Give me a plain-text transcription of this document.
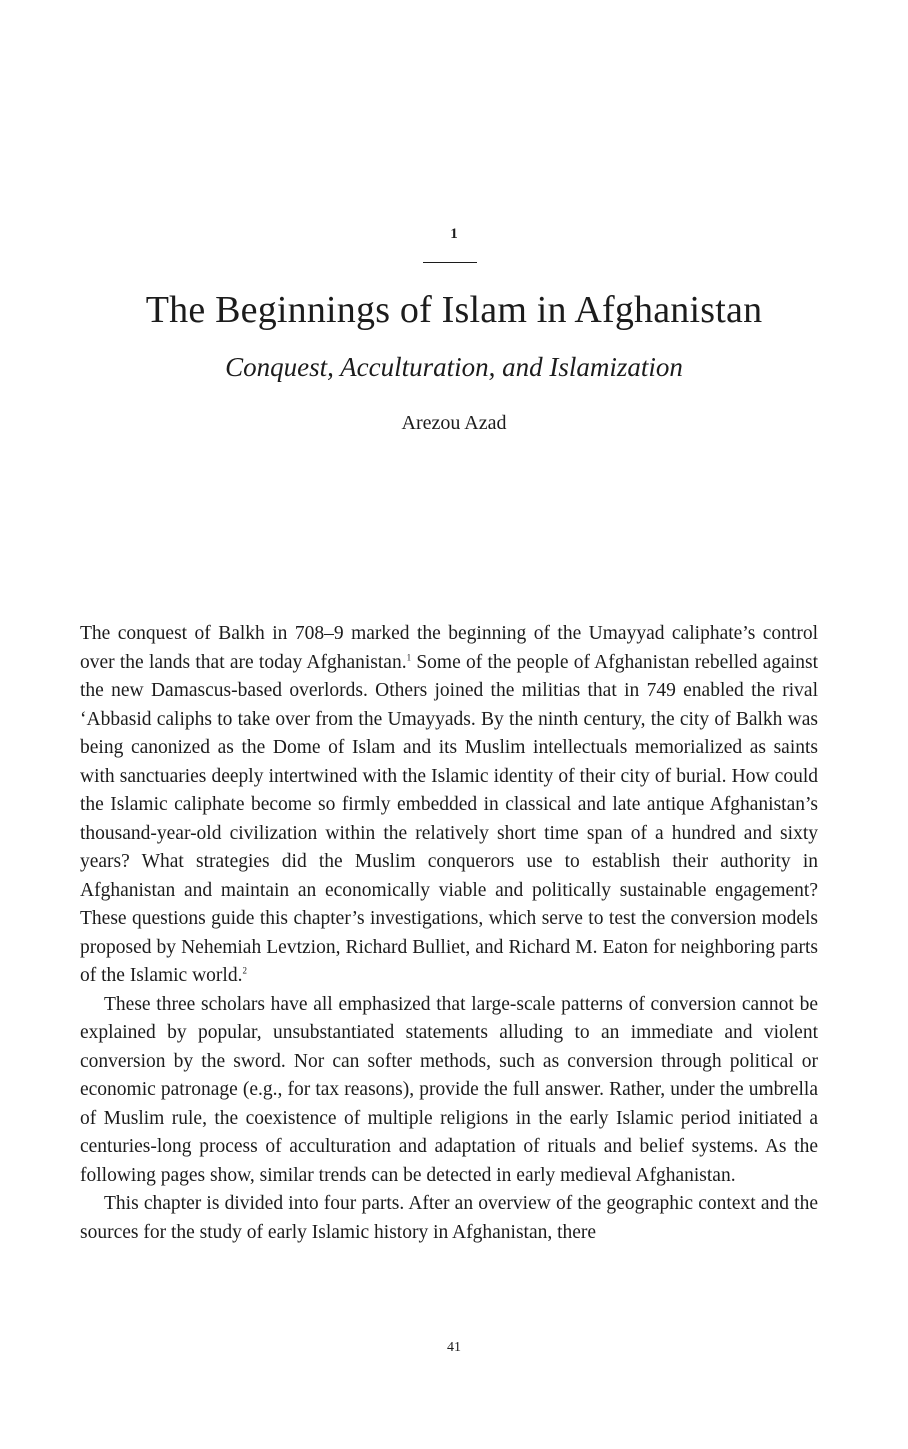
1
The Beginnings of Islam in Afghanistan
Conquest, Acculturation, and Islamization
Arezou Azad

The conquest of Balkh in 708–9 marked the beginning of the Umayyad caliphate’s control over the lands that are today Afghanistan.$^1$ Some of the people of Afghanistan rebelled against the new Damascus-based overlords. Others joined the militias that in 749 enabled the rival ‘Abbasid caliphs to take over from the Umayyads. By the ninth century, the city of Balkh was being canonized as the Dome of Islam and its Muslim intellectuals memorialized as saints with sanctuaries deeply intertwined with the Islamic identity of their city of burial. How could the Islamic caliphate become so firmly embedded in classical and late antique Afghanistan’s thousand-year-old civilization within the relatively short time span of a hundred and sixty years? What strategies did the Muslim conquerors use to establish their authority in Afghanistan and maintain an economically viable and politically sustainable engagement? These questions guide this chapter’s investigations, which serve to test the conversion models proposed by Nehemiah Levtzion, Richard Bulliet, and Richard M. Eaton for neighboring parts of the Islamic world.$^2$

These three scholars have all emphasized that large-scale patterns of conversion cannot be explained by popular, unsubstantiated statements alluding to an immediate and violent conversion by the sword. Nor can softer methods, such as conversion through political or economic patronage (e.g., for tax reasons), provide the full answer. Rather, under the umbrella of Muslim rule, the coexistence of multiple religions in the early Islamic period initiated a centuries-long process of acculturation and adaptation of rituals and belief systems. As the following pages show, similar trends can be detected in early medieval Afghanistan.

This chapter is divided into four parts. After an overview of the geographic context and the sources for the study of early Islamic history in Afghanistan, there

41
